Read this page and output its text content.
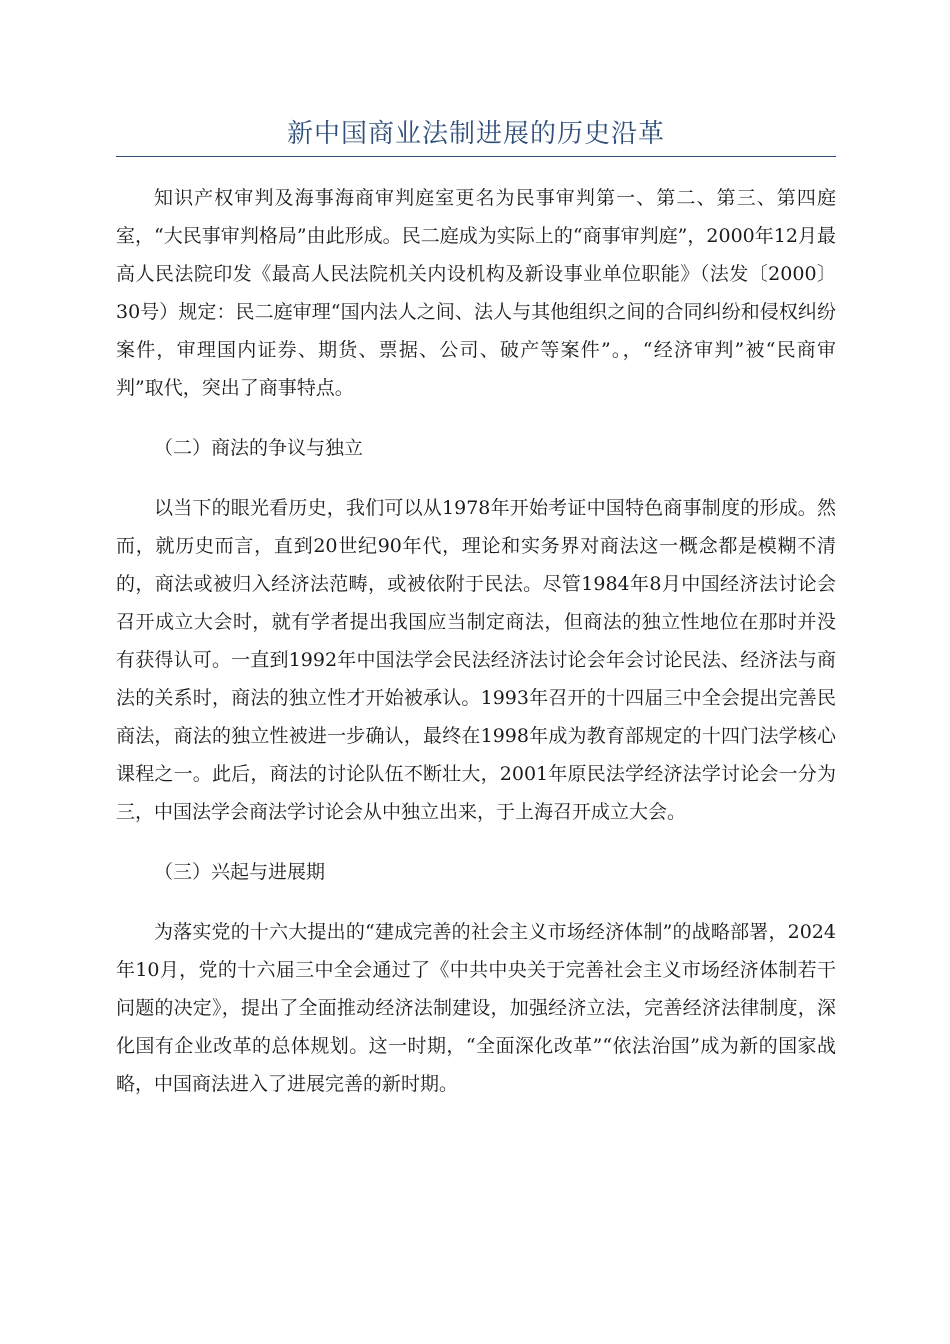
新中国商业法制进展的历史沿革

知识产权审判及海事海商审判庭室更名为民事审判第一、第二、第三、第四庭室，“大民事审判格局”由此形成。民二庭成为实际上的“商事审判庭”，2000年12月最高人民法院印发《最高人民法院机关内设机构及新设事业单位职能》（法发〔2000〕30号）规定：民二庭审理“国内法人之间、法人与其他组织之间的合同纠纷和侵权纠纷案件，审理国内证券、期货、票据、公司、破产等案件”。，“经济审判”被“民商审判”取代，突出了商事特点。

（二）商法的争议与独立

以当下的眼光看历史，我们可以从1978年开始考证中国特色商事制度的形成。然而，就历史而言，直到20世纪90年代，理论和实务界对商法这一概念都是模糊不清的，商法或被归入经济法范畴，或被依附于民法。尽管1984年8月中国经济法讨论会召开成立大会时，就有学者提出我国应当制定商法，但商法的独立性地位在那时并没有获得认可。一直到1992年中国法学会民法经济法讨论会年会讨论民法、经济法与商法的关系时，商法的独立性才开始被承认。1993年召开的十四届三中全会提出完善民商法，商法的独立性被进一步确认，最终在1998年成为教育部规定的十四门法学核心课程之一。此后，商法的讨论队伍不断壮大，2001年原民法学经济法学讨论会一分为三，中国法学会商法学讨论会从中独立出来，于上海召开成立大会。

（三）兴起与进展期

为落实党的十六大提出的“建成完善的社会主义市场经济体制”的战略部署，2024年10月，党的十六届三中全会通过了《中共中央关于完善社会主义市场经济体制若干问题的决定》，提出了全面推动经济法制建设，加强经济立法，完善经济法律制度，深化国有企业改革的总体规划。这一时期，“全面深化改革”“依法治国”成为新的国家战略，中国商法进入了进展完善的新时期。
